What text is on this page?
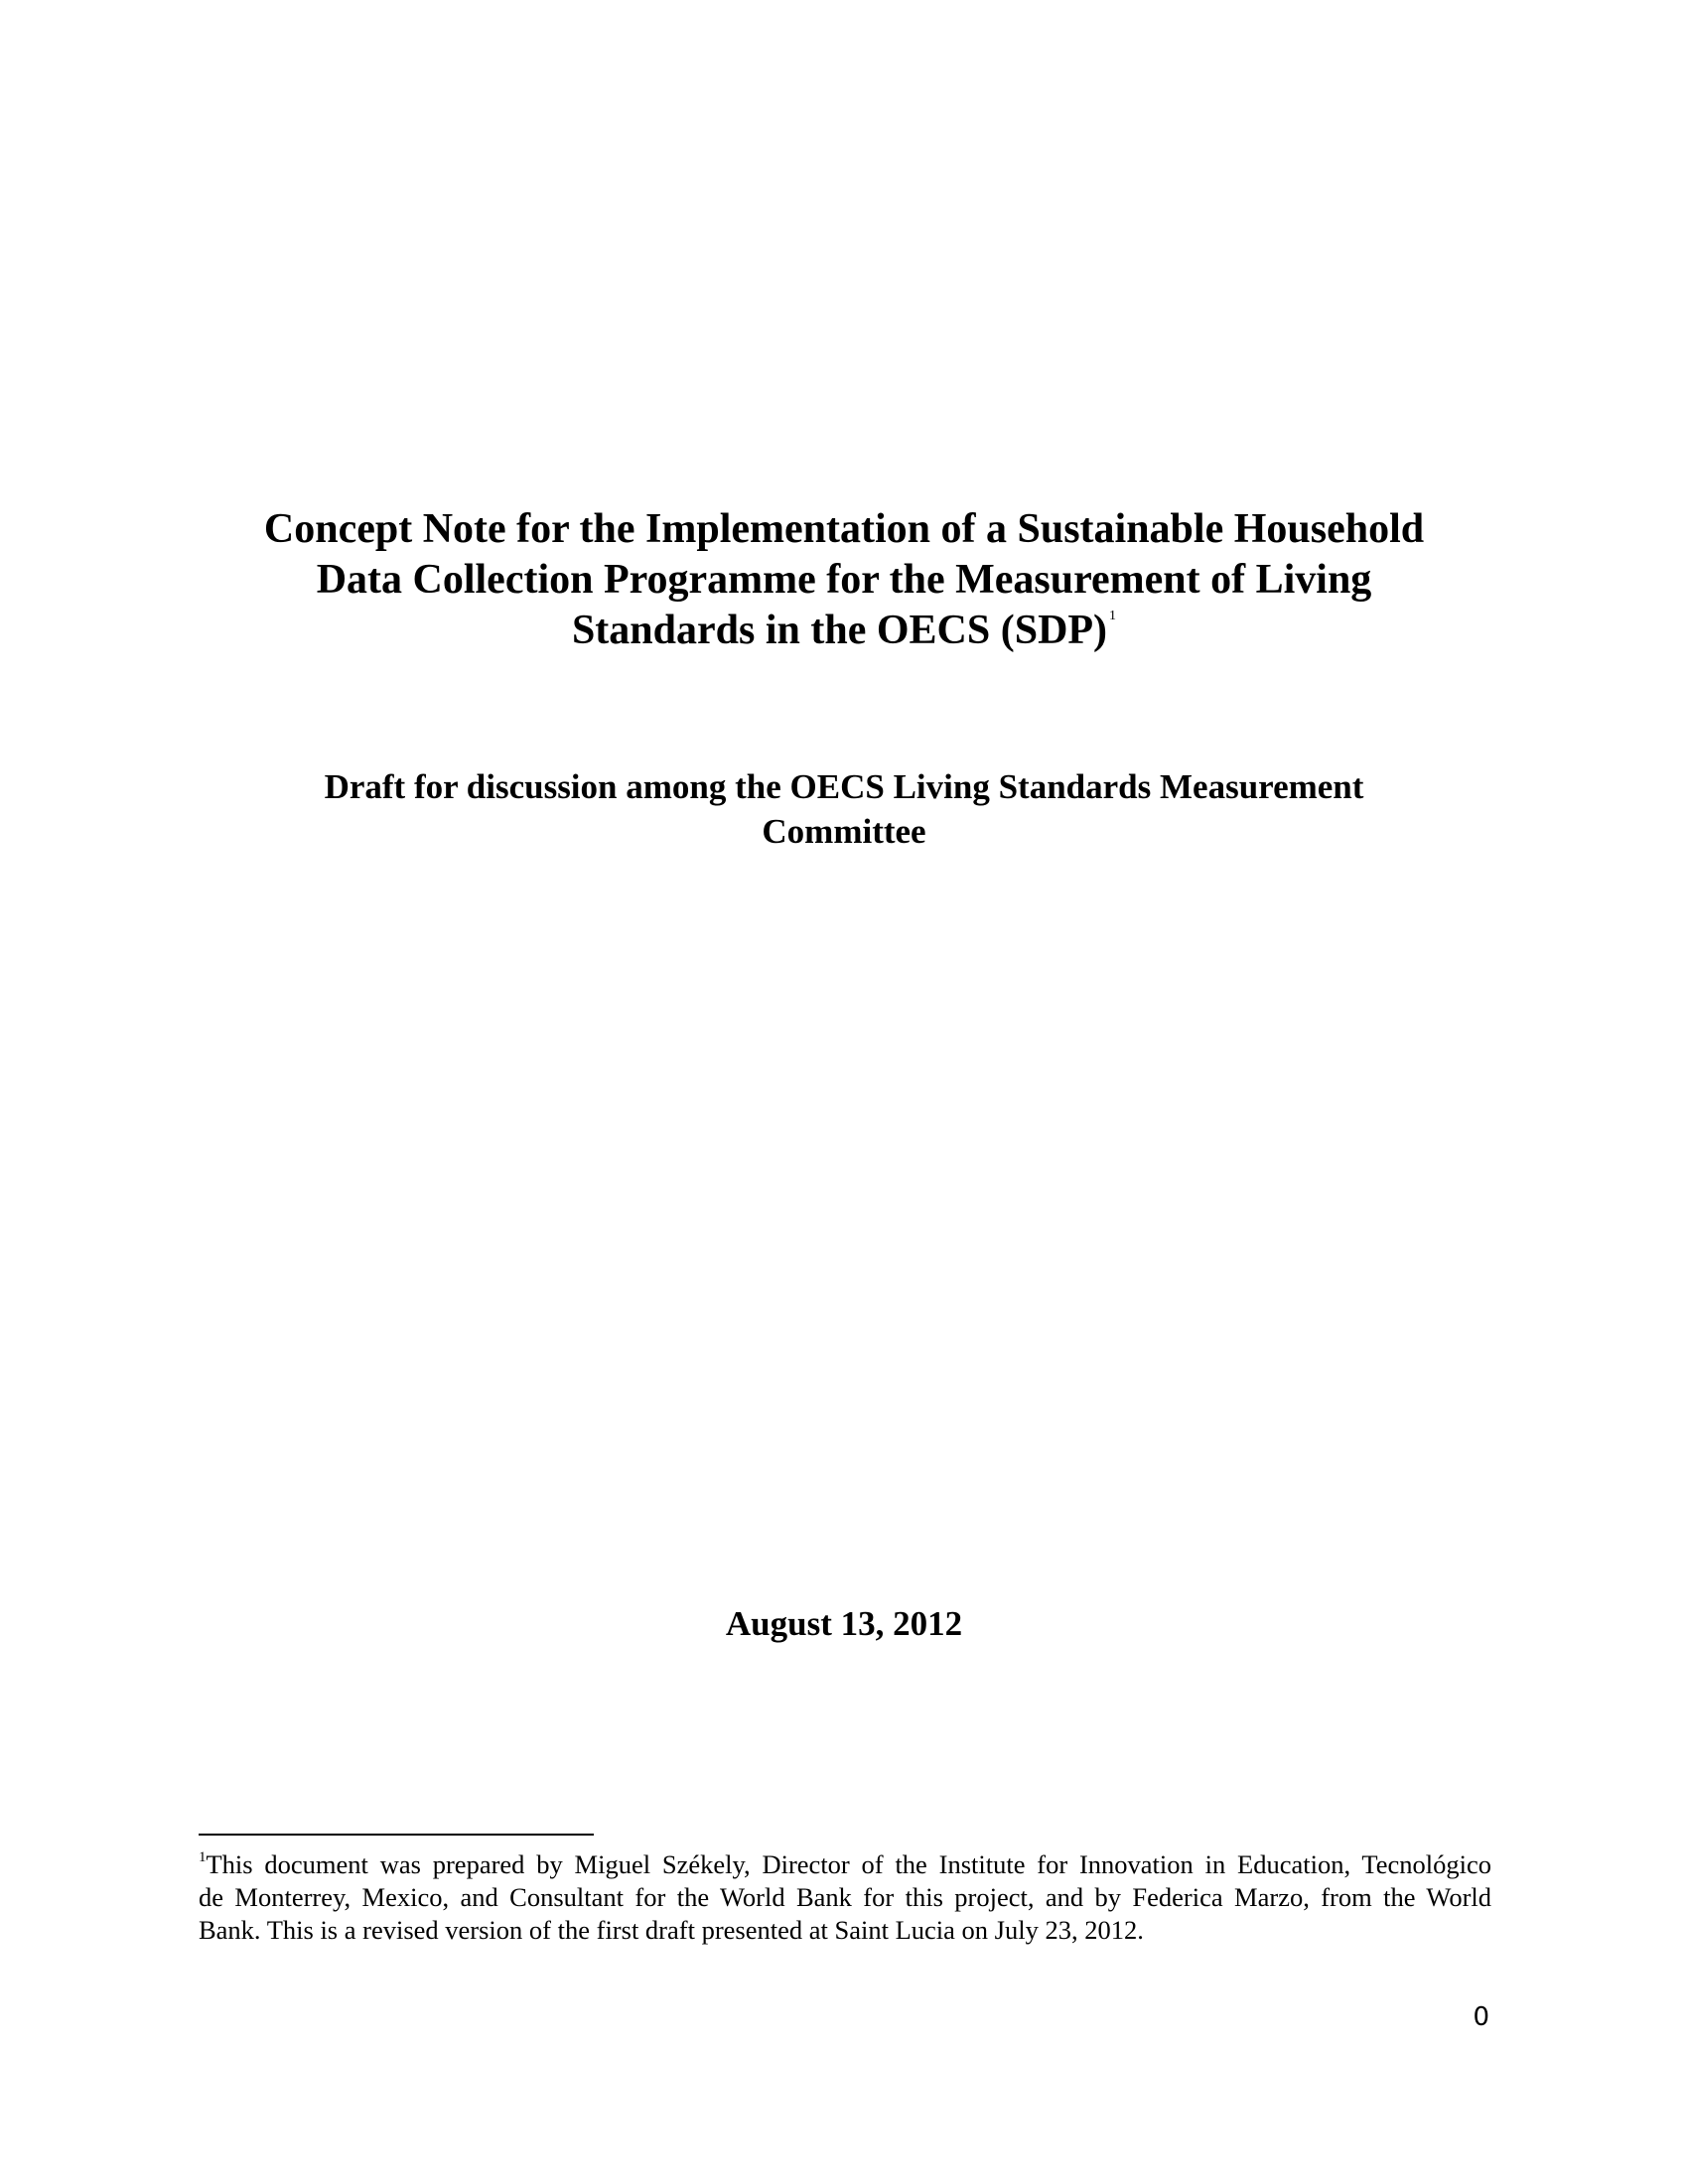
Concept Note for the Implementation of a Sustainable Household
Data Collection Programme for the Measurement of Living
Standards in the OECS (SDP) $^1$
Draft for discussion among the OECS Living Standards Measurement
Committee

August 13, 2012

$^1$This document was prepared by Miguel Székely, Director of the Institute for Innovation in Education, Tecnológico
de Monterrey, Mexico, and Consultant for the World Bank for this project, and by Federica Marzo, from the World
Bank. This is a revised version of the first draft presented at Saint Lucia on July 23, 2012.

0
